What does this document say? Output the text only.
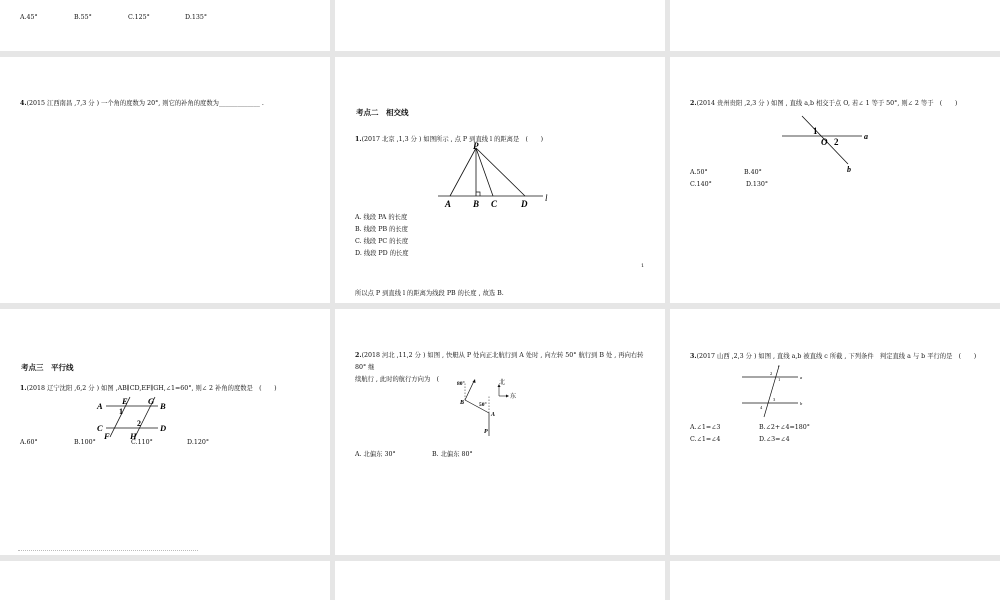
A.45°	B.55°	C.125°	D.135°
4.(2015 江西南昌 ,7,3 分 ) 一个角的度数为 20°, 则它的补角的度数为_____________ .
考点二　相交线
1.(2017 北京 ,1,3 分 ) 如图所示 , 点 P 到直线 l 的距离是　(　　)
P
A B C	D
l
A. 线段 PA 的长度
B. 线段 PB 的长度
C. 线段 PC 的长度
D. 线段 PD 的长度
1
所以点 P 到直线 l 的距离为线段 PB 的长度 , 故选 B.
2.(2014 贵州贵阳 ,2,3 分 ) 如图 , 直线 a,b 相交于点 O, 若∠ 1 等于 50°, 则∠ 2 等于　(　　)
1
O 2
a
b
A.50°	B.40°
C.140°	D.130°
考点三　平行线
1.(2018 辽宁沈阳 ,6,2 分 ) 如图 ,AB∥CD,EF∥GH,∠1=60°, 则∠ 2 补角的度数是　(　　)
A	B
C	D
E G
F H
1
2
A.60°	B.100°	C.110°	D.120°
2.(2018 河北 ,11,2 分 ) 如图 , 快艇从 P 处向正北航行到 A 处时 , 向左转 50° 航行到 B 处 , 再向右转
80° 继
续航行 , 此时的航行方向为　(	北
东
80°
50°
B
A
P
A. 北偏东 30°	B. 北偏东 80°
3.(2017 山西 ,2,3 分 ) 如图 , 直线 a,b 被直线 c 所截 , 下列条件　判定直线 a 与 b 平行的是　(　　)
c
2
1
3
4
a
b
A.∠1=∠3	B.∠2+∠4=180°
C.∠1=∠4	D.∠3=∠4
